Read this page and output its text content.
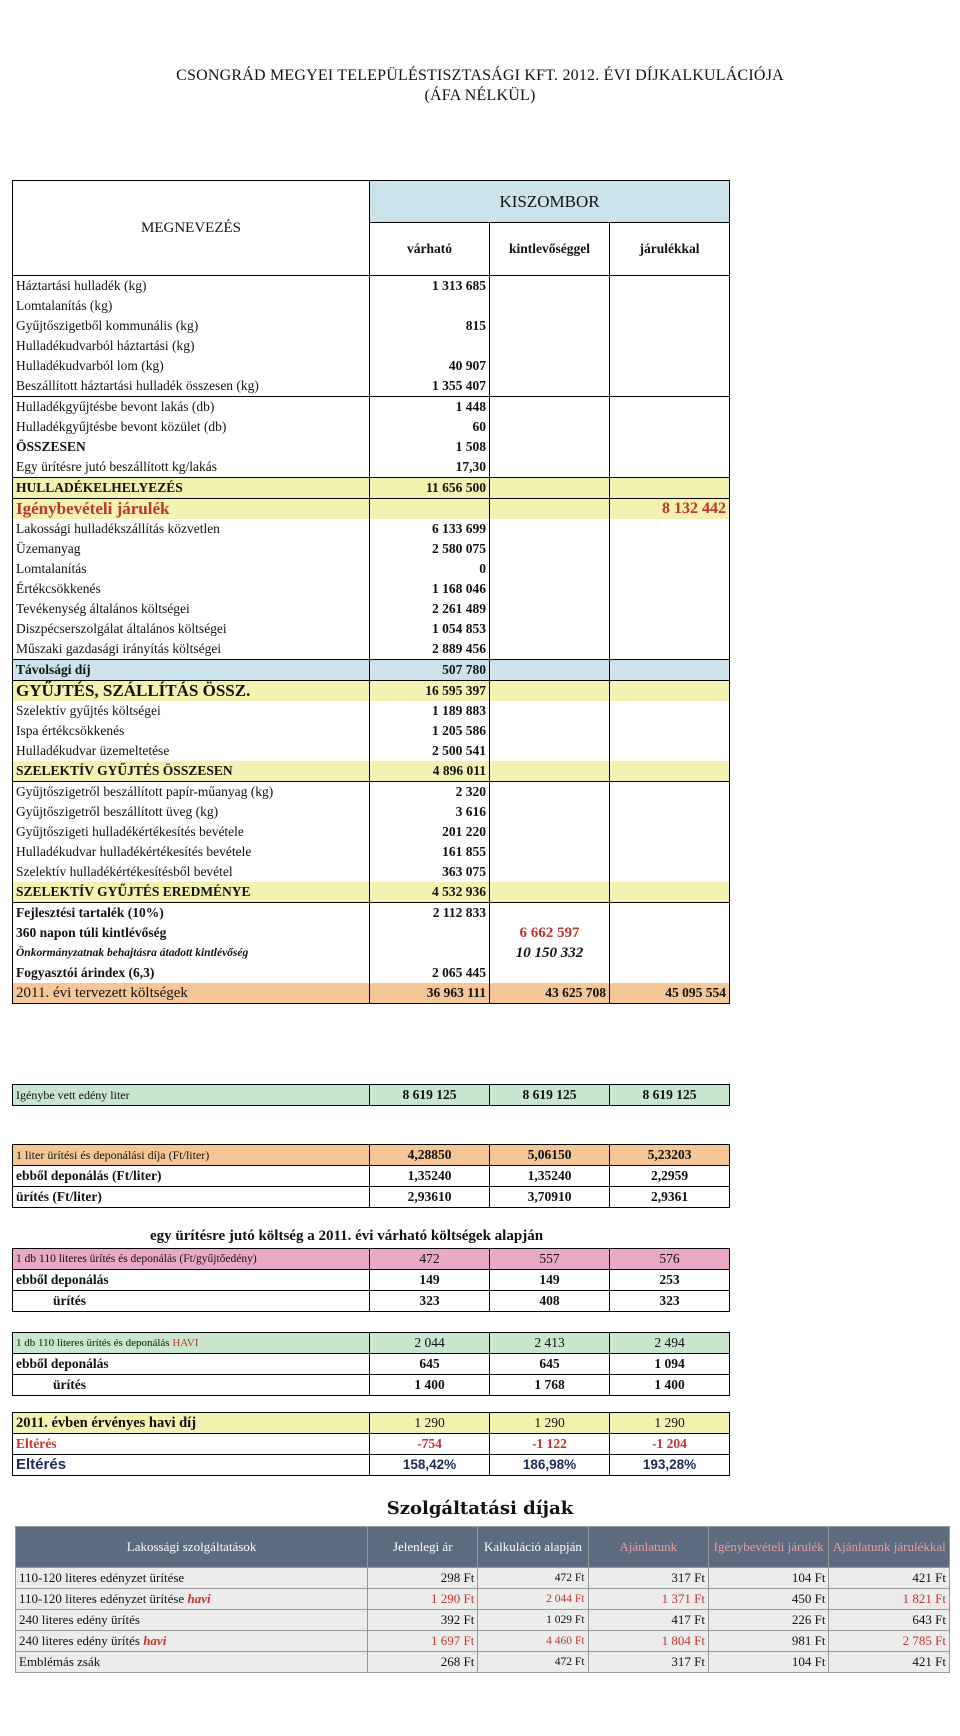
CSONGRÁD MEGYEI TELEPÜLÉSTISZTASÁGI KFT. 2012. ÉVI DÍJKALKULÁCIÓJA
(ÁFA NÉLKÜL)
MEGNEVEZÉS	KISZOMBOR		
	várható	kintlevőséggel	járulékkal
Háztartási hulladék (kg)	1 313 685		
Lomtalanítás (kg)			
Gyűjtőszigetből kommunális (kg)	815		
Hulladékudvarból háztartási (kg)			
Hulladékudvarból lom (kg)	40 907		
Beszállított háztartási hulladék összesen (kg)	1 355 407		
Hulladékgyűjtésbe bevont lakás (db)	1 448		
Hulladékgyűjtésbe bevont közület (db)	60		
ÖSSZESEN	1 508		
Egy ürítésre jutó beszállított kg/lakás	17,30		
HULLADÉKELHELYEZÉS	11 656 500		
Igénybevételi járulék			8 132 442
Lakossági hulladékszállítás közvetlen	6 133 699		
Üzemanyag	2 580 075		
Lomtalanítás	0		
Értékcsökkenés	1 168 046		
Tevékenység általános költségei	2 261 489		
Diszpécserszolgálat általános költségei	1 054 853		
Műszaki gazdasági irányítás költségei	2 889 456		
Távolsági díj	507 780		
GYŰJTÉS, SZÁLLÍTÁS ÖSSZ.	16 595 397		
Szelektív gyűjtés költségei	1 189 883		
Ispa értékcsökkenés	1 205 586		
Hulladékudvar üzemeltetése	2 500 541		
SZELEKTÍV GYŰJTÉS ÖSSZESEN	4 896 011		
Gyűjtőszigetről beszállított papír-műanyag (kg)	2 320		
Gyűjtőszigetről beszállított üveg (kg)	3 616		
Gyűjtőszigeti hulladékértékesítés bevétele	201 220		
Hulladékudvar hulladékértékesítés bevétele	161 855		
Szelektív hulladékértékesítésből bevétel	363 075		
SZELEKTÍV GYŰJTÉS EREDMÉNYE	4 532 936		
Fejlesztési tartalék (10%)	2 112 833		
360 napon túli kintlévőség		6 662 597	
Önkormányzatnak behajtásra átadott kintlévőség		10 150 332	
Fogyasztói árindex (6,3)	2 065 445		
2011. évi tervezett költségek	36 963 111	43 625 708	45 095 554
Igénybe vett edény liter	8 619 125	8 619 125	8 619 125
1 liter ürítési és deponálási díja (Ft/liter)	4,28850	5,06150	5,23203
ebből deponálás (Ft/liter)	1,35240	1,35240	2,2959
ürítés (Ft/liter)	2,93610	3,70910	2,9361
egy ürítésre jutó költség a 2011. évi várható költségek alapján
1 db 110 literes ürítés és deponálás (Ft/gyűjtőedény)	472	557	576
ebből deponálás	149	149	253
ürítés	323	408	323
1 db 110 literes ürítés és deponálás HAVI	2 044	2 413	2 494
ebből deponálás	645	645	1 094
ürítés	1 400	1 768	1 400
2011. évben érvényes havi díj	1 290	1 290	1 290
Eltérés	-754	-1 122	-1 204
Eltérés	158,42%	186,98%	193,28%
Szolgáltatási díjak
Lakossági szolgáltatások	Jelenlegi ár	Kalkuláció alapján	Ajánlatunk	Igénybevételi járulék	Ajánlatunk járulékkal
110-120 literes edényzet ürítése	298 Ft	472 Ft	317 Ft	104 Ft	421 Ft
110-120 literes edényzet ürítése havi	1 290 Ft	2 044 Ft	1 371 Ft	450 Ft	1 821 Ft
240 literes edény ürítés	392 Ft	1 029 Ft	417 Ft	226 Ft	643 Ft
240 literes edény ürítés havi	1 697 Ft	4 460 Ft	1 804 Ft	981 Ft	2 785 Ft
Emblémás zsák	268 Ft	472 Ft	317 Ft	104 Ft	421 Ft
